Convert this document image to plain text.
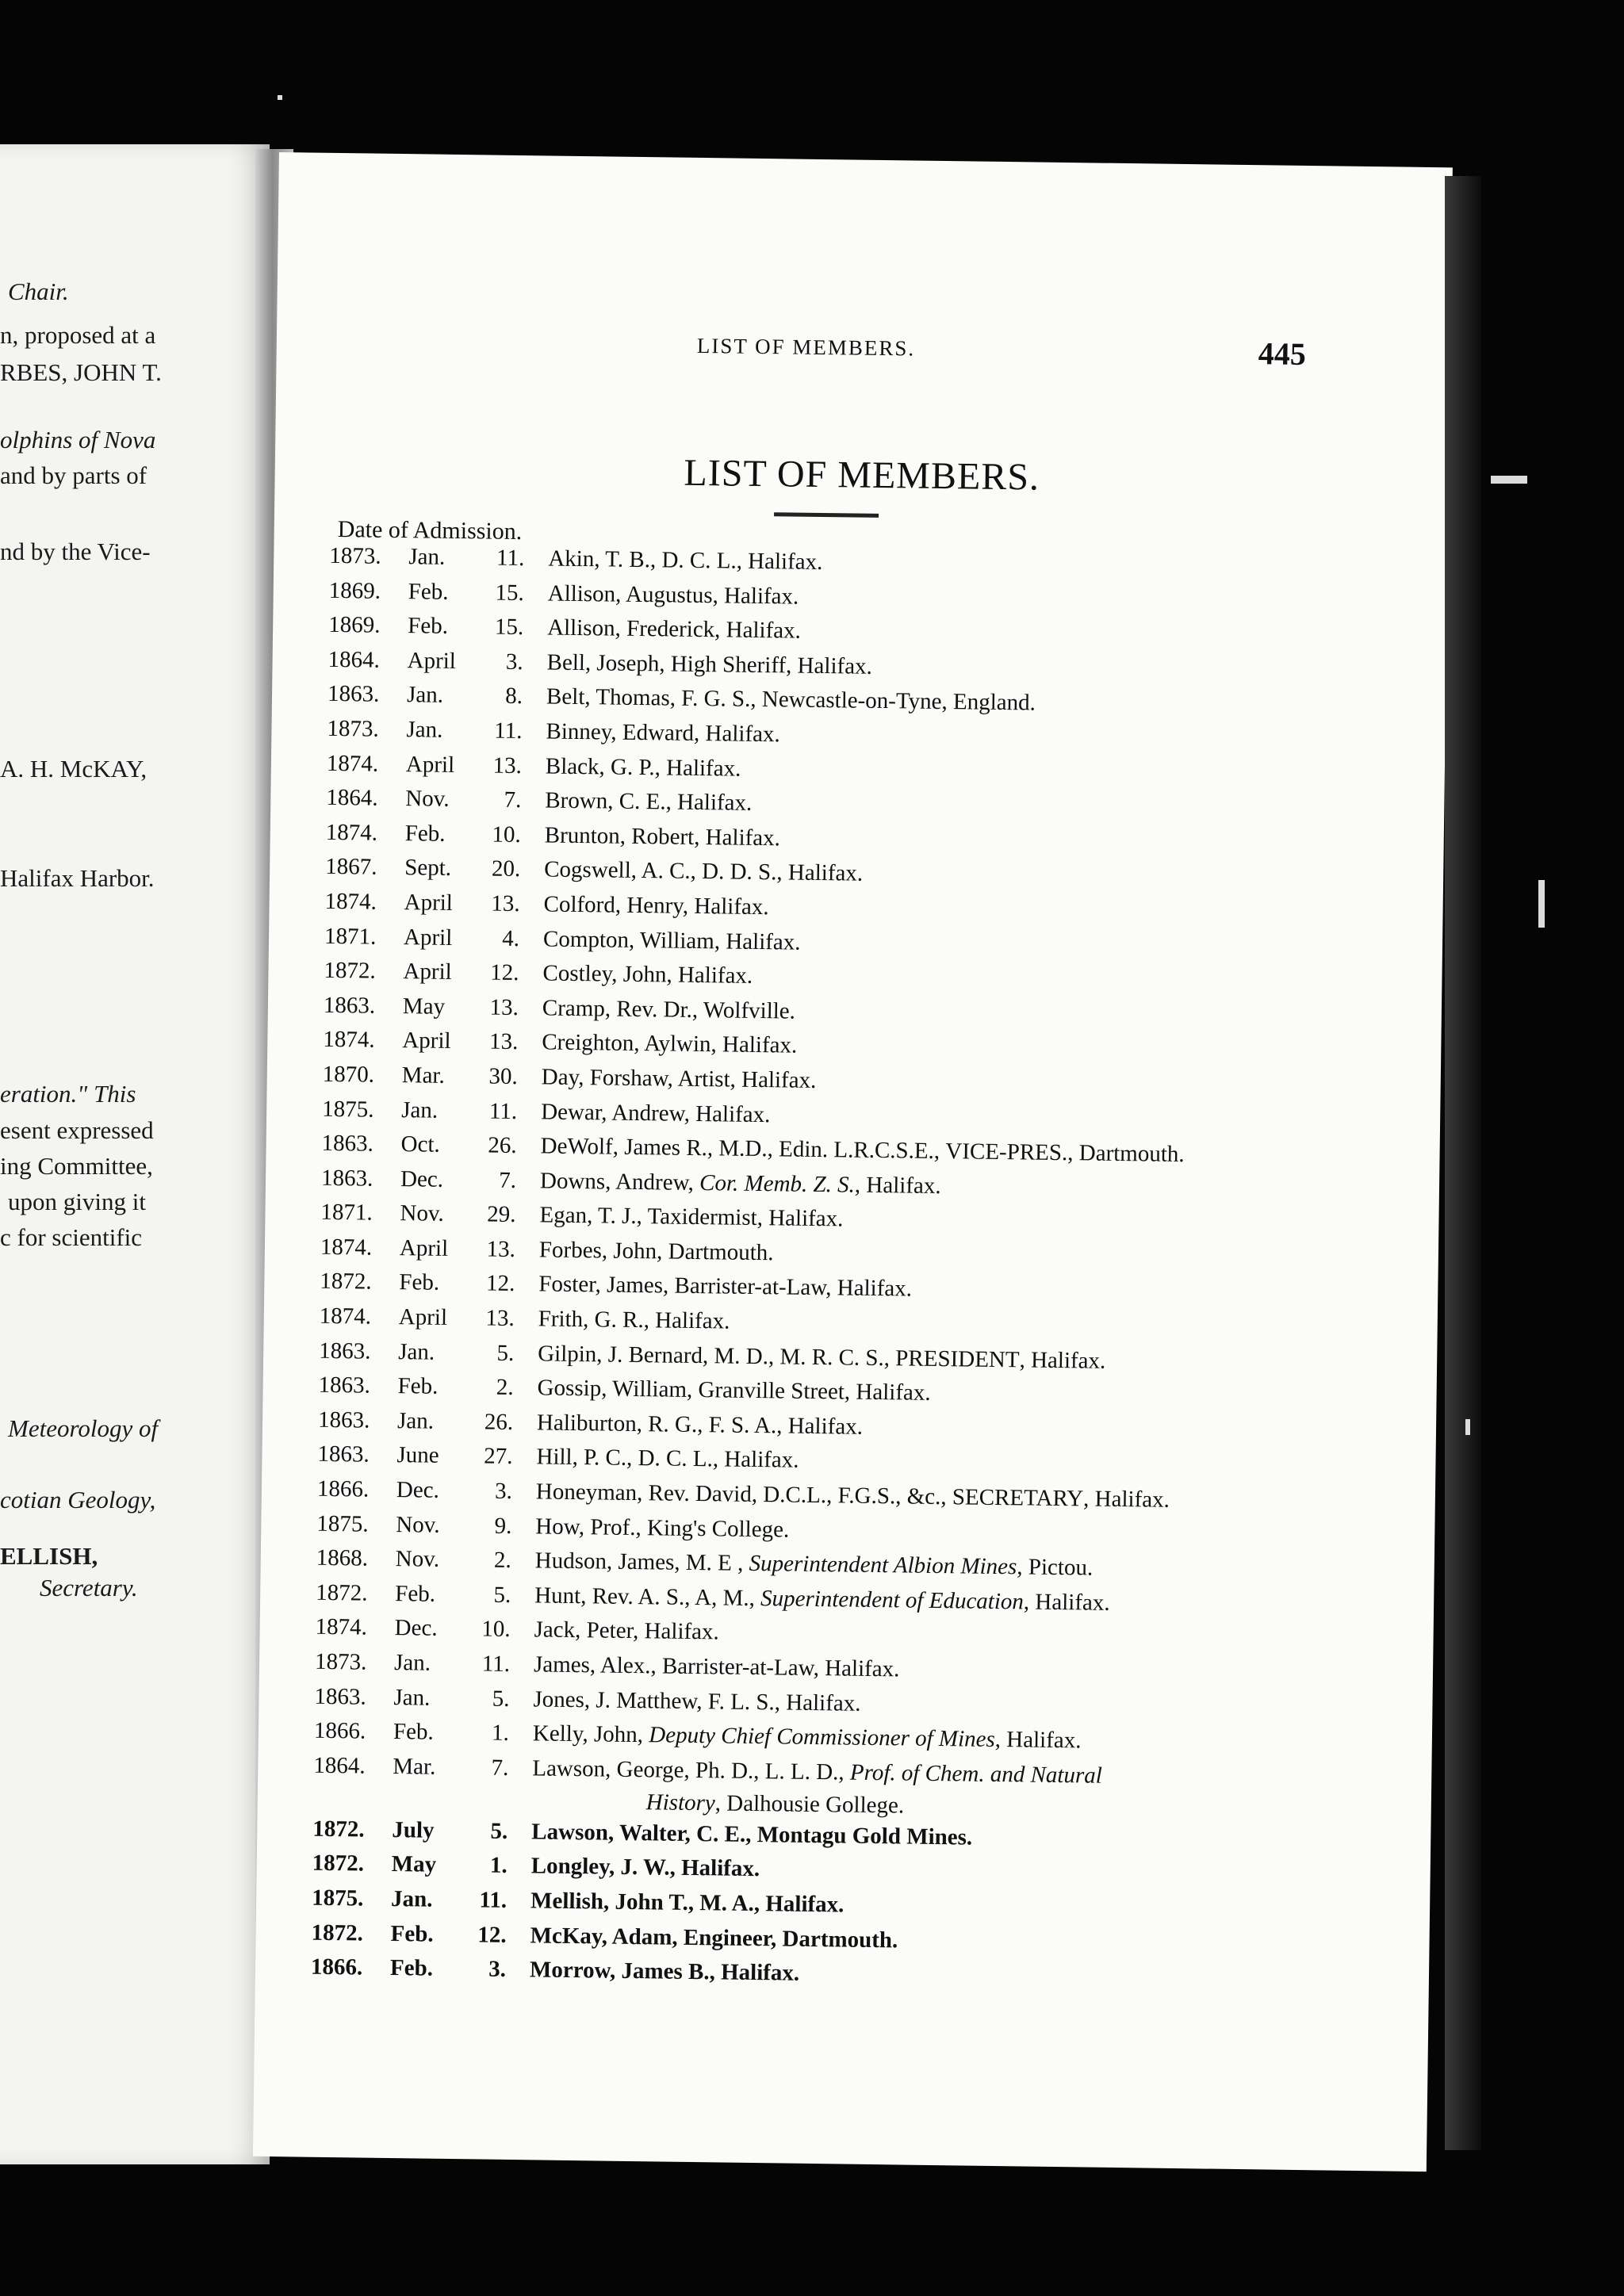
Chair.
n, proposed at a
RBES, JOHN T.
olphins of Nova
and by parts of
nd by the Vice-
A. H. McKAY,
Halifax Harbor.
eration." This
esent expressed
ing Committee,
upon giving it
c for scientific
Meteorology of
cotian Geology,
ELLISH,
Secretary.
LIST OF MEMBERS.	445
LIST OF MEMBERS.
Date of Admission.
1873. Jan.	11. Akin, T. B., D. C. L., Halifax.
1869. Feb.	15. Allison, Augustus, Halifax.
1869. Feb.	15. Allison, Frederick, Halifax.
1864. April	3. Bell, Joseph, High Sheriff, Halifax.
1863. Jan.	8. Belt, Thomas, F. G. S., Newcastle-on-Tyne, England.
1873. Jan.	11. Binney, Edward, Halifax.
1874. April	13. Black, G. P., Halifax.
1864. Nov.	7. Brown, C. E., Halifax.
1874. Feb.	10. Brunton, Robert, Halifax.
1867. Sept.	20. Cogswell, A. C., D. D. S., Halifax.
1874. April	13. Colford, Henry, Halifax.
1871. April	4. Compton, William, Halifax.
1872. April	12. Costley, John, Halifax.
1863. May	13. Cramp, Rev. Dr., Wolfville.
1874. April	13. Creighton, Aylwin, Halifax.
1870. Mar.	30. Day, Forshaw, Artist, Halifax.
1875. Jan.	11. Dewar, Andrew, Halifax.
1863. Oct.	26. DeWolf, James R., M.D., Edin. L.R.C.S.E., VICE-PRES., Dartmouth.
1863. Dec.	7. Downs, Andrew, Cor. Memb. Z. S., Halifax.
1871. Nov.	29. Egan, T. J., Taxidermist, Halifax.
1874. April	13. Forbes, John, Dartmouth.
1872. Feb.	12. Foster, James, Barrister-at-Law, Halifax.
1874. April	13. Frith, G. R., Halifax.
1863. Jan.	5. Gilpin, J. Bernard, M. D., M. R. C. S., PRESIDENT, Halifax.
1863. Feb.	2. Gossip, William, Granville Street, Halifax.
1863. Jan.	26. Haliburton, R. G., F. S. A., Halifax.
1863. June	27. Hill, P. C., D. C. L., Halifax.
1866. Dec.	3. Honeyman, Rev. David, D.C.L., F.G.S., &c., SECRETARY, Halifax.
1875. Nov.	9. How, Prof., King's College.
1868. Nov.	2. Hudson, James, M. E , Superintendent Albion Mines, Pictou.
1872. Feb.	5. Hunt, Rev. A. S., A, M., Superintendent of Education, Halifax.
1874. Dec.	10. Jack, Peter, Halifax.
1873. Jan.	11. James, Alex., Barrister-at-Law, Halifax.
1863. Jan.	5. Jones, J. Matthew, F. L. S., Halifax.
1866. Feb.	1. Kelly, John, Deputy Chief Commissioner of Mines, Halifax.
1864. Mar.	7. Lawson, George, Ph. D., L. L. D., Prof. of Chem. and Natural
History, Dalhousie Gollege.
1872. July	5. Lawson, Walter, C. E., Montagu Gold Mines.
1872. May	1. Longley, J. W., Halifax.
1875. Jan.	11. Mellish, John T., M. A., Halifax.
1872. Feb.	12. McKay, Adam, Engineer, Dartmouth.
1866. Feb.	3. Morrow, James B., Halifax.
